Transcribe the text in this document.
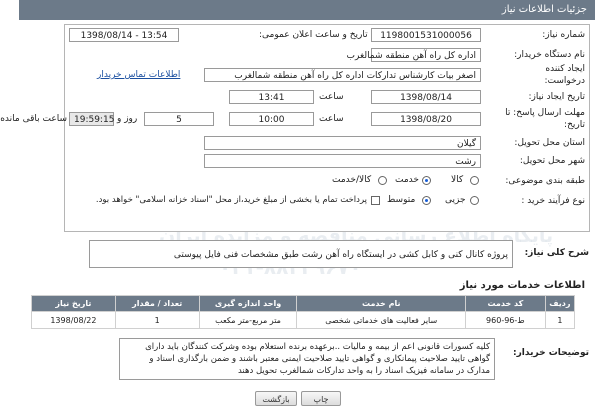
جزئیات اطلاعات نیاز
پایگاه اطلاع رسانی مناقصه و مزایده ایران
شماره نیاز:
1198001531000056
تاریخ و ساعت اعلان عمومی:
1398/08/14 - 13:54
نام دستگاه خریدار:
اداره کل راه آهن منطقه شمالغرب
ایجاد کننده
درخواست:
اصغر بیات کارشناس تدارکات اداره کل راه آهن منطقه شمالغرب
اطلاعات تماس خریدار
تاریخ ایجاد نیاز:
1398/08/14
ساعت
13:41
مهلت ارسال پاسخ: تا
تاریخ:
1398/08/20
ساعت
10:00
5
روز و
19:59:15
ساعت باقی مانده
استان محل تحویل:
گیلان
شهر محل تحویل:
رشت
طبقه بندی موضوعی:
کالا
خدمت
کالا/خدمت
نوع فرآیند خرید :
جزیی
متوسط
پرداخت تمام یا بخشی از مبلغ خرید،از محل "اسناد خزانه اسلامی" خواهد بود.
شرح کلی نیاز:
پروژه کانال کنی و کابل کشی در ایستگاه راه آهن رشت طبق مشخصات فنی فایل پیوستی
اطلاعات خدمات مورد نیاز
ردیف	کد خدمت	نام خدمت	واحد اندازه گیری	تعداد / مقدار	تاریخ نیاز
1	ط-96-960	سایر فعالیت های خدماتی شخصی	متر مربع-متر مکعب	1	1398/08/22
توضیحات خریدار:
کلیه کسورات قانونی اعم از بیمه و مالیات ..برعهده برنده استعلام بوده وشرکت کنندگان باید دارای
گواهی تایید صلاحیت پیمانکاری و گواهی تایید صلاحیت ایمنی معتبر باشند و ضمن بارگذاری اسناد و
مدارک در سامانه فیزیک اسناد را به واحد تدارکات شمالغرب تحویل دهند
چاپ
بازگشت
